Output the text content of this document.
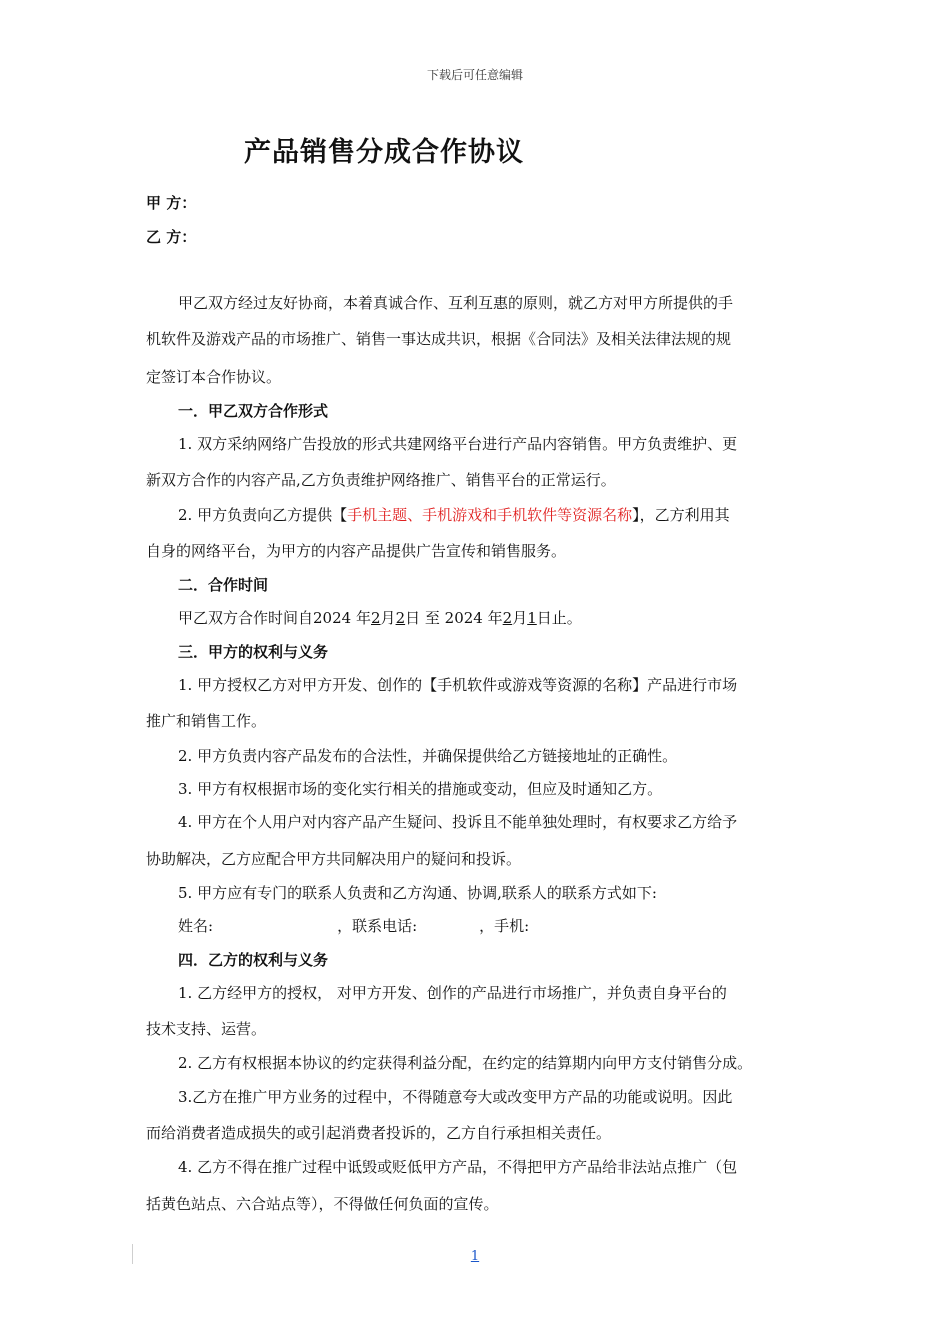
下载后可任意编辑
产品销售分成合作协议
甲 方：
乙 方：
甲乙双方经过友好协商，本着真诚合作、互利互惠的原则，就乙方对甲方所提供的手
机软件及游戏产品的市场推广、销售一事达成共识，根据《合同法》及相关法律法规的规
定签订本合作协议。
一．甲乙双方合作形式
1. 双方采纳网络广告投放的形式共建网络平台进行产品内容销售。甲方负责维护、更
新双方合作的内容产品,乙方负责维护网络推广、销售平台的正常运行。
2. 甲方负责向乙方提供【手机主题、手机游戏和手机软件等资源名称】，乙方利用其
自身的网络平台，为甲方的内容产品提供广告宣传和销售服务。
二．合作时间
甲乙双方合作时间自2024 年2月2日 至 2024 年2月1日止。
三．甲方的权利与义务
1. 甲方授权乙方对甲方开发、创作的【手机软件或游戏等资源的名称】产品进行市场
推广和销售工作。
2. 甲方负责内容产品发布的合法性，并确保提供给乙方链接地址的正确性。
3. 甲方有权根据市场的变化实行相关的措施或变动，但应及时通知乙方。
4. 甲方在个人用户对内容产品产生疑问、投诉且不能单独处理时，有权要求乙方给予
协助解决，乙方应配合甲方共同解决用户的疑问和投诉。
5. 甲方应有专门的联系人负责和乙方沟通、协调,联系人的联系方式如下:
姓名:	，联系电话:	，手机:
四．乙方的权利与义务
1. 乙方经甲方的授权， 对甲方开发、创作的产品进行市场推广，并负责自身平台的
技术支持、运营。
2. 乙方有权根据本协议的约定获得利益分配，在约定的结算期内向甲方支付销售分成。
3.乙方在推广甲方业务的过程中，不得随意夸大或改变甲方产品的功能或说明。因此
而给消费者造成损失的或引起消费者投诉的，乙方自行承担相关责任。
4. 乙方不得在推广过程中诋毁或贬低甲方产品，不得把甲方产品给非法站点推广（包
括黄色站点、六合站点等），不得做任何负面的宣传。
1
